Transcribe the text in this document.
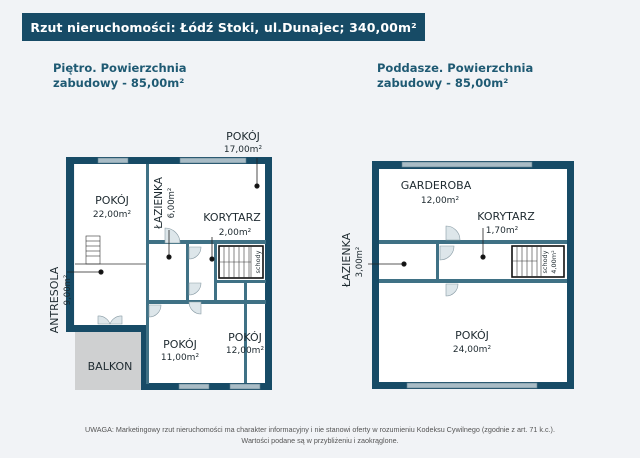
Rzut nieruchomości: Łódź Stoki, ul.Dunajec; 340,00m²
Piętro. Powierzchnia
zabudowy - 85,00m²
Poddasze. Powierzchnia
zabudowy - 85,00m²
schody
POKÓJ
22,00m² ŁAZIENKA 6,00m²
POKÓJ
17,00m²
KORYTARZ
2,00m²
ANTRESOLA 9,00m²
BALKON
POKÓJ
11,00m²
POKÓJ
12,00m²
schody 4,00m²
GARDEROBA
12,00m²
KORYTARZ
1,70m²
ŁAZIENKA 3,00m²
POKÓJ
24,00m²
UWAGA: Marketingowy rzut nieruchomości ma charakter informacyjny i nie stanowi oferty w rozumieniu Kodeksu Cywilnego (zgodnie z art. 71 k.c.).
Wartości podane są w przybliżeniu i zaokrąglone.
